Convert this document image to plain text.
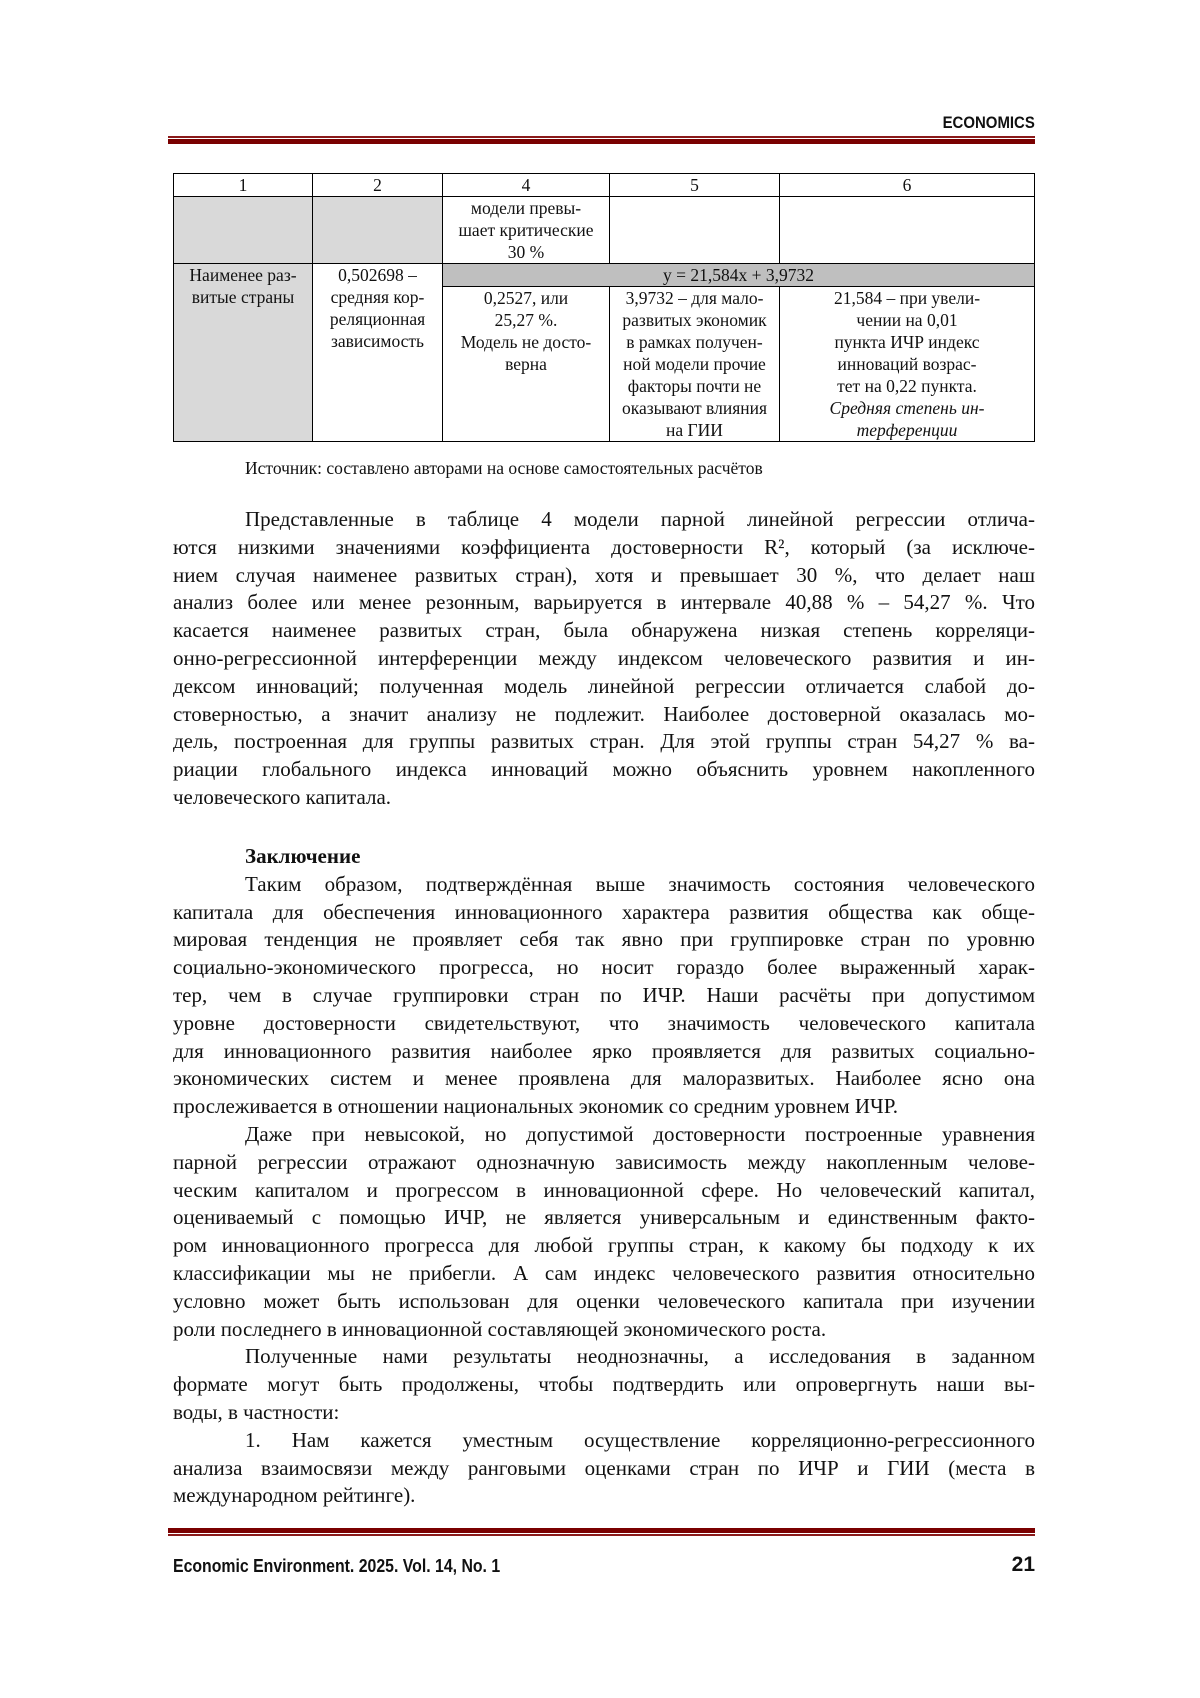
ECONOMICS
1	2	4	5	6

модели превы-
шает критические
30 %

Наименее раз-
витые страны

0,502698 –
средняя кор-
реляционная
зависимость
	y = 21,584x + 3,9732

0,2527, или
25,27 %.
Модель не досто-
верна

3,9732 – для мало-
развитых экономик
в рамках получен-
ной модели прочие
факторы почти не
оказывают влияния
на ГИИ

21,584 – при увели-
чении на 0,01
пункта ИЧР индекс
инноваций возрас-
тет на 0,22 пункта.
Средняя степень ин-
терференции
Источник: составлено авторами на основе самостоятельных расчётов
Представленные в таблице 4 модели парной линейной регрессии отлича-
ются низкими значениями коэффициента достоверности R², который (за исключе-
нием случая наименее развитых стран), хотя и превышает 30 %, что делает наш
анализ более или менее резонным, варьируется в интервале 40,88 % – 54,27 %. Что
касается наименее развитых стран, была обнаружена низкая степень корреляци-
онно-регрессионной интерференции между индексом человеческого развития и ин-
дексом инноваций; полученная модель линейной регрессии отличается слабой до-
стоверностью, а значит анализу не подлежит. Наиболее достоверной оказалась мо-
дель, построенная для группы развитых стран. Для этой группы стран 54,27 % ва-
риации глобального индекса инноваций можно объяснить уровнем накопленного
человеческого капитала.
Заключение
Таким образом, подтверждённая выше значимость состояния человеческого
капитала для обеспечения инновационного характера развития общества как обще-
мировая тенденция не проявляет себя так явно при группировке стран по уровню
социально-экономического прогресса, но носит гораздо более выраженный харак-
тер, чем в случае группировки стран по ИЧР. Наши расчёты при допустимом
уровне достоверности свидетельствуют, что значимость человеческого капитала
для инновационного развития наиболее ярко проявляется для развитых социально-
экономических систем и менее проявлена для малоразвитых. Наиболее ясно она
прослеживается в отношении национальных экономик со средним уровнем ИЧР.
Даже при невысокой, но допустимой достоверности построенные уравнения
парной регрессии отражают однозначную зависимость между накопленным челове-
ческим капиталом и прогрессом в инновационной сфере. Но человеческий капитал,
оцениваемый с помощью ИЧР, не является универсальным и единственным факто-
ром инновационного прогресса для любой группы стран, к какому бы подходу к их
классификации мы не прибегли. А сам индекс человеческого развития относительно
условно может быть использован для оценки человеческого капитала при изучении
роли последнего в инновационной составляющей экономического роста.
Полученные нами результаты неоднозначны, а исследования в заданном
формате могут быть продолжены, чтобы подтвердить или опровергнуть наши вы-
воды, в частности:
1. Нам кажется уместным осуществление корреляционно-регрессионного
анализа взаимосвязи между ранговыми оценками стран по ИЧР и ГИИ (места в
международном рейтинге).
Economic Environment. 2025. Vol. 14, No. 1	21
